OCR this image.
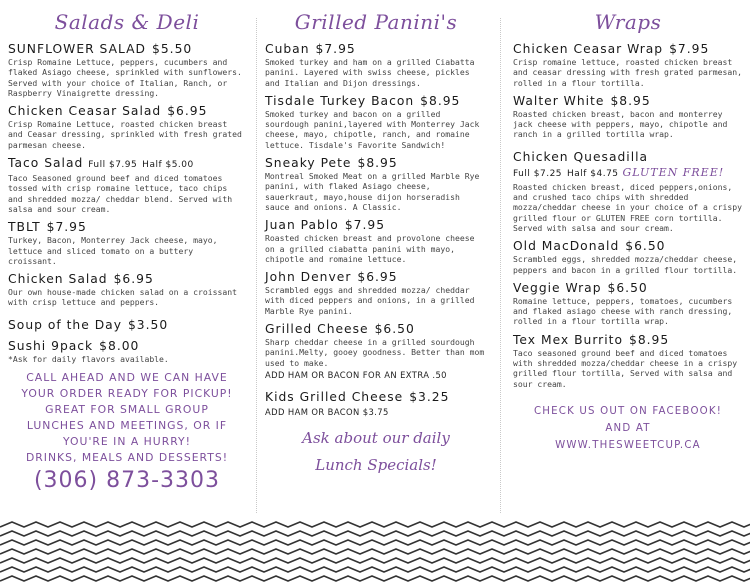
Salads & Deli
SUNFLOWER SALAD $5.50
Crisp Romaine Lettuce, peppers, cucumbers and flaked Asiago cheese, sprinkled with sunflowers. Served with your choice of Italian, Ranch, or Raspberry Vinaigrette dressing.
Chicken Ceasar Salad $6.95
Crisp Romaine Lettuce, roasted chicken breast and Ceasar dressing, sprinkled with fresh grated parmesan cheese.
Taco Salad Full $7.95 Half $5.00
Taco Seasoned ground beef and diced tomatoes tossed with crisp romaine lettuce, taco chips and shredded mozza/ cheddar blend. Served with salsa and sour cream.
TBLT $7.95
Turkey, Bacon, Monterrey Jack cheese, mayo, lettuce and sliced tomato on a buttery croissant.
Chicken Salad $6.95
Our own house-made chicken salad on a croissant with crisp lettuce and peppers.
Soup of the Day $3.50
Sushi 9pack $8.00
*Ask for daily flavors available.
CALL AHEAD AND WE CAN HAVE
YOUR ORDER READY FOR PICKUP!
GREAT FOR SMALL GROUP
LUNCHES AND MEETINGS, OR IF
YOU'RE IN A HURRY!
DRINKS, MEALS AND DESSERTS!
(306) 873-3303
Grilled Panini's
Cuban $7.95
Smoked turkey and ham on a grilled Ciabatta panini. Layered with swiss cheese, pickles and Italian and Dijon dressings.
Tisdale Turkey Bacon $8.95
Smoked turkey and bacon on a grilled sourdough panini,layered with Monterrey Jack cheese, mayo, chipotle, ranch, and romaine lettuce. Tisdale's Favorite Sandwich!
Sneaky Pete $8.95
Montreal Smoked Meat on a grilled Marble Rye panini, with flaked Asiago cheese, sauerkraut, mayo,house dijon horseradish sauce and onions. A Classic.
Juan Pablo $7.95
Roasted chicken breast and provolone cheese on a grilled ciabatta panini with mayo, chipotle and romaine lettuce.
John Denver $6.95
Scrambled eggs and shredded mozza/ cheddar with diced peppers and onions, in a grilled Marble Rye panini.
Grilled Cheese $6.50
Sharp cheddar cheese in a grilled sourdough panini.Melty, gooey goodness. Better than mom used to make.
ADD HAM OR BACON FOR AN EXTRA .50
Kids Grilled Cheese $3.25
ADD HAM OR BACON $3.75
Ask about our daily
Lunch Specials!
Wraps
Chicken Ceasar Wrap $7.95
Crisp romaine lettuce, roasted chicken breast and ceasar dressing with fresh grated parmesan, rolled in a flour tortilla.
Walter White $8.95
Roasted chicken breast, bacon and monterrey jack cheese with peppers, mayo, chipotle and ranch in a grilled tortilla wrap.
Chicken Quesadilla
Full $7.25 Half $4.75 GLUTEN FREE!
Roasted chicken breast, diced peppers,onions, and crushed taco chips with shredded mozza/cheddar cheese in your choice of a crispy grilled flour or GLUTEN FREE corn tortilla. Served with salsa and sour cream.
Old MacDonald $6.50
Scrambled eggs, shredded mozza/cheddar cheese, peppers and bacon in a grilled flour tortilla.
Veggie Wrap $6.50
Romaine lettuce, peppers, tomatoes, cucumbers and flaked asiago cheese with ranch dressing, rolled in a flour tortilla wrap.
Tex Mex Burrito $8.95
Taco seasoned ground beef and diced tomatoes with shredded mozza/cheddar cheese in a crispy grilled flour tortilla, Served with salsa and sour cream.
CHECK US OUT ON FACEBOOK!
AND AT
WWW.THESWEETCUP.CA
